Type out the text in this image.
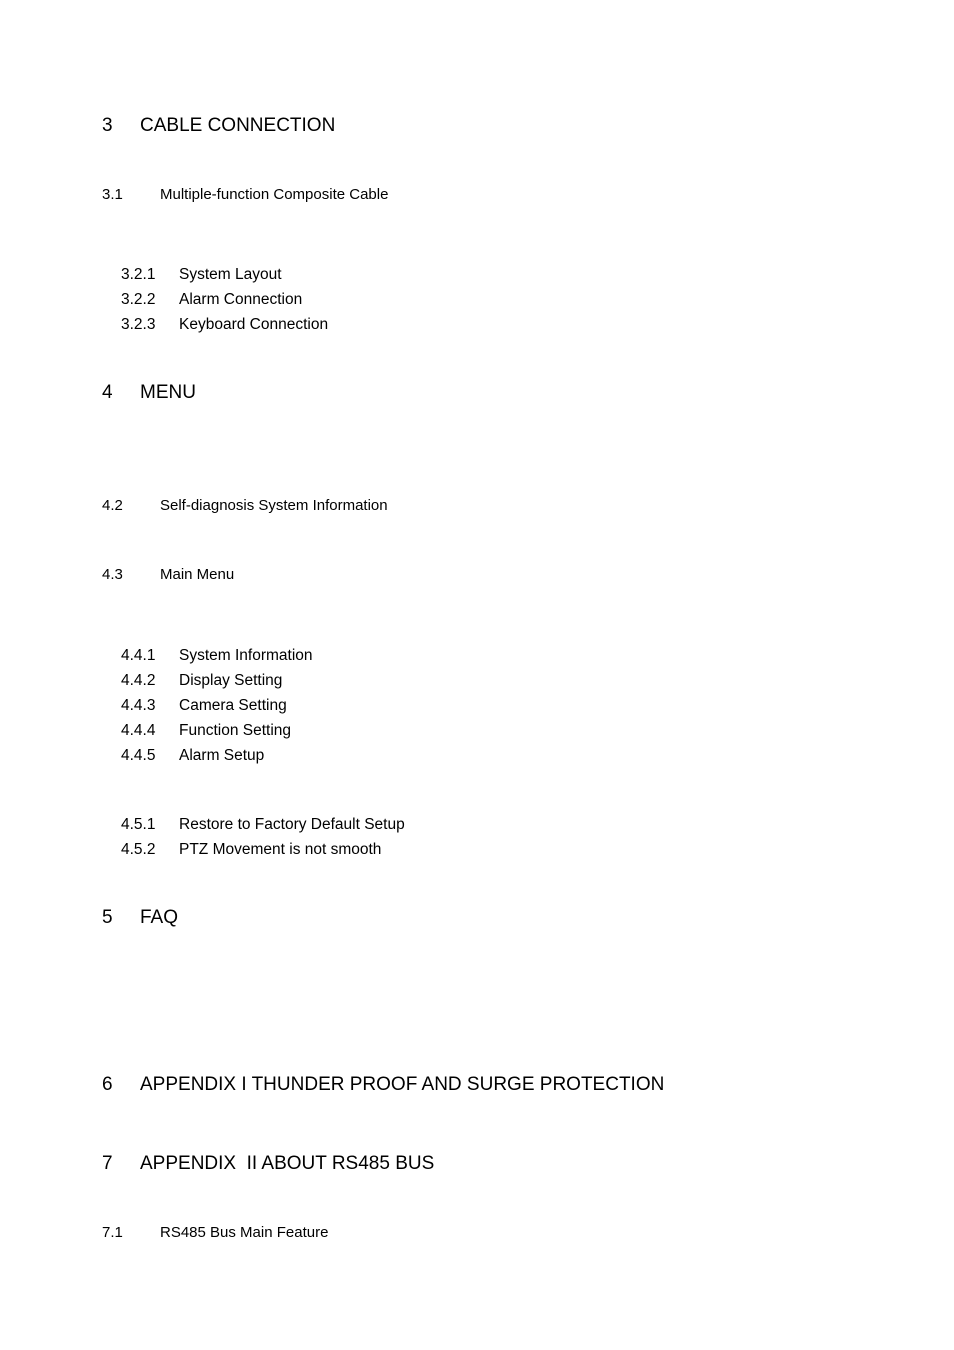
3 CABLE CONNECTION
3.1 Multiple-function Composite Cable
3.2.1 System Layout
3.2.2 Alarm Connection
3.2.3 Keyboard Connection
4 MENU
4.2 Self-diagnosis System Information
4.3 Main Menu
4.4.1 System Information
4.4.2 Display Setting
4.4.3 Camera Setting
4.4.4 Function Setting
4.4.5 Alarm Setup
4.5.1 Restore to Factory Default Setup
4.5.2 PTZ Movement is not smooth
5 FAQ
6 APPENDIX I THUNDER PROOF AND SURGE PROTECTION
7 APPENDIX  II ABOUT RS485 BUS
7.1 RS485 Bus Main Feature
